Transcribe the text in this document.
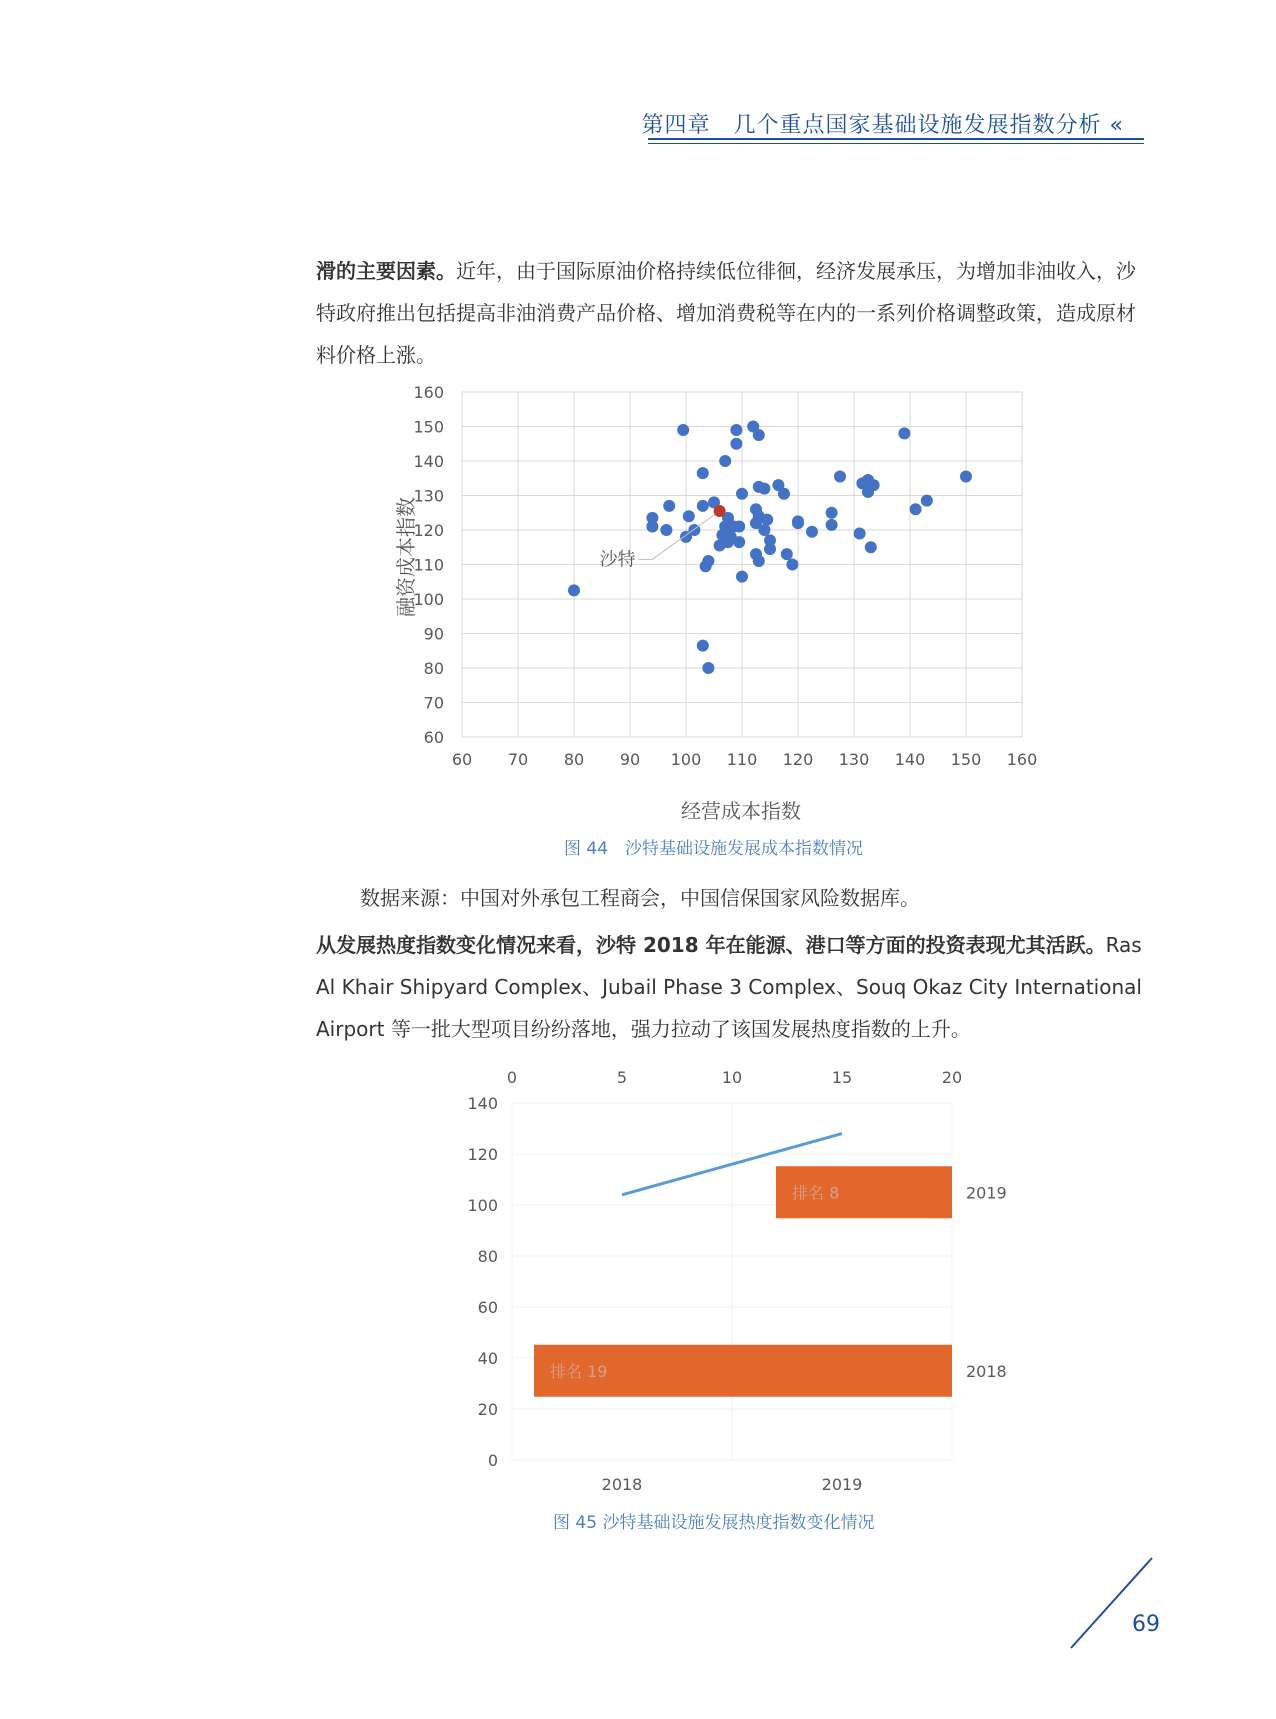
第四章　几个重点国家基础设施发展指数分析 «
滑的主要因素。近年，由于国际原油价格持续低位徘徊，经济发展承压，为增加非油收入，沙特政府推出包括提高非油消费产品价格、增加消费税等在内的一系列价格调整政策，造成原材料价格上涨。
60
70
80
90
100
110
120
130
140
150
160
60 70 80 90 100 110 120 130 140 150 160
沙特
经营成本指数
融资成本指数
图 44　沙特基础设施发展成本指数情况
数据来源：中国对外承包工程商会，中国信保国家风险数据库。
从发展热度指数变化情况来看，沙特 2018 年在能源、港口等方面的投资表现尤其活跃。Ras Al Khair Shipyard Complex、Jubail Phase 3 Complex、Souq Okaz City International Airport 等一批大型项目纷纷落地，强力拉动了该国发展热度指数的上升。
0
20
40
60
80
100
120
140
0	5	10	15	20
2018	2019
排名 19	2018
排名 8	2019
图 45 沙特基础设施发展热度指数变化情况
69
